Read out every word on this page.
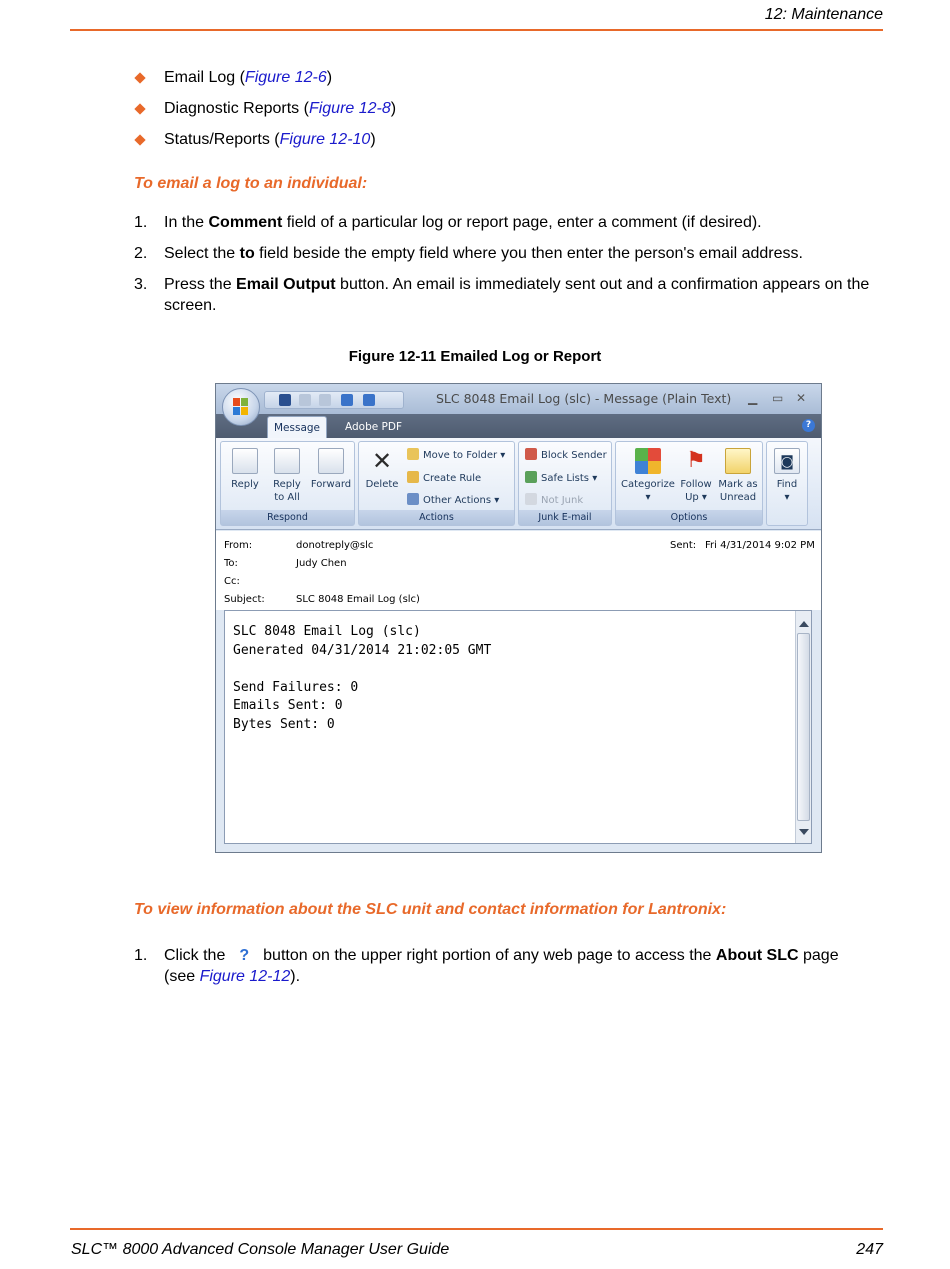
12: Maintenance
Email Log (Figure 12-6)
Diagnostic Reports (Figure 12-8)
Status/Reports (Figure 12-10)
To email a log to an individual:
1. In the Comment field of a particular log or report page, enter a comment (if desired).
2. Select the to field beside the empty field where you then enter the person's email address.
3. Press the Email Output button. An email is immediately sent out and a confirmation appears on the screen.
Figure 12-11 Emailed Log or Report
SLC 8048 Email Log (slc) - Message (Plain Text) ▁ ▭ ✕
Message	Adobe PDF	?
Reply	Reply
to All
Forward
Respond
✕
Delete
Move to Folder ▾
Create Rule
Other Actions ▾
Actions
Block Sender
Safe Lists ▾
Not Junk
Junk E-mail
Categorize
▾
⚑
Follow
Up ▾
Mark as
Unread
Options
◙
Find
▾
From:	donotreply@slc	Sent: Fri 4/31/2014 9:02 PM
To:	Judy Chen
Cc:
Subject:	SLC 8048 Email Log (slc)
SLC 8048 Email Log (slc)
Generated 04/31/2014 21:02:05 GMT
Send Failures: 0
Emails Sent: 0
Bytes Sent: 0
To view information about the SLC unit and contact information for Lantronix:
1. Click the ? button on the upper right portion of any web page to access the About SLC page
(see Figure 12-12).
SLC™ 8000 Advanced Console Manager User Guide	247
